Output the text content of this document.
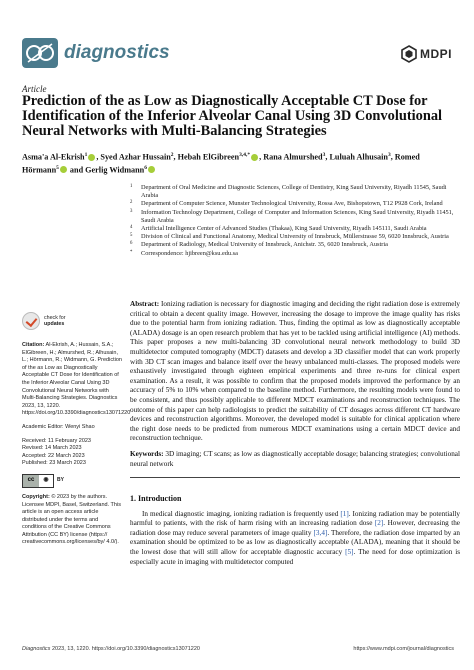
diagnostics	MDPI
Article
Prediction of the as Low as Diagnostically Acceptable CT Dose for Identification of the Inferior Alveolar Canal Using 3D Convolutional Neural Networks with Multi-Balancing Strategies
Asma'a Al-Ekrish$^1$ , Syed Azhar Hussain$^2$, Hebah ElGibreen$^{3,4,*}$ , Rana Almurshed$^3$, Luluah Alhusain$^3$, Romed Hörmann$^5$ and Gerlig Widmann$^6$
1 Department of Oral Medicine and Diagnostic Sciences, College of Dentistry, King Saud University, Riyadh 11545, Saudi Arabia
2 Department of Computer Science, Munster Technological University, Rossa Ave, Bishopstown, T12 P928 Cork, Ireland
3 Information Technology Department, College of Computer and Information Sciences, King Saud University, Riyadh 11451, Saudi Arabia
4 Artificial Intelligence Center of Advanced Studies (Thakaa), King Saud University, Riyadh 145111, Saudi Arabia
5 Division of Clinical and Functional Anatomy, Medical University of Innsbruck, Müllerstrasse 59, 6020 Innsbruck, Austria
6 Department of Radiology, Medical University of Innsbruck, Anichstr. 35, 6020 Innsbruck, Austria
* Correspondence: hjibreen@ksu.edu.sa
check for
updates
Citation: Al-Ekrish, A.; Hussain, S.A.; ElGibreen, H.; Almurshed, R.; Alhusain, L.; Hörmann, R.; Widmann, G. Prediction of the as Low as Diagnostically Acceptable CT Dose for Identification of the Inferior Alveolar Canal Using 3D Convolutional Neural Networks with Multi-Balancing Strategies. Diagnostics 2023, 13, 1220. https://doi.org/10.3390/diagnostics13071220
Academic Editor: Wenyi Shao
Received: 11 February 2023
Revised: 14 March 2023
Accepted: 22 March 2023
Published: 23 March 2023
cc	◉	BY
Copyright: © 2023 by the authors. Licensee MDPI, Basel, Switzerland. This article is an open access article distributed under the terms and conditions of the Creative Commons Attribution (CC BY) license (https:// creativecommons.org/licenses/by/ 4.0/).

Abstract: Ionizing radiation is necessary for diagnostic imaging and deciding the right radiation dose is extremely critical to obtain a decent quality image. However, increasing the dosage to improve the image quality has risks due to the potential harm from ionizing radiation. Thus, finding the optimal as low as diagnostically acceptable (ALADA) dosage is an open research problem that has yet to be tackled using artificial intelligence (AI) methods. This paper proposes a new multi-balancing 3D convolutional neural network methodology to build 3D multidetector computed tomography (MDCT) datasets and develop a 3D classifier model that can work properly with 3D CT scan images and balance itself over the heavy unbalanced multi-classes. The proposed models were exhaustively investigated through eighteen empirical experiments and three re-runs for clinical expert examination. As a result, it was possible to confirm that the proposed models improved the performance by an accuracy of 5% to 10% when compared to the baseline method. Furthermore, the resulting models were found to be consistent, and thus possibly applicable to different MDCT examinations and reconstruction techniques. The outcome of this paper can help radiologists to predict the suitability of CT dosages across different CT hardware devices and reconstruction algorithms. Moreover, the developed model is suitable for clinical application where the right dose needs to be predicted from numerous MDCT examinations using a certain MDCT device and reconstruction technique.

Keywords: 3D imaging; CT scans; as low as diagnostically acceptable dosage; balancing strategies; convolutional neural network

1. Introduction

In medical diagnostic imaging, ionizing radiation is frequently used [1]. Ionizing radiation may be potentially harmful to patients, with the risk of harm rising with an increasing radiation dose [2]. However, decreasing the radiation dose may reduce several parameters of image quality [3,4]. Therefore, the radiation dose imparted by an examination should be optimized to be as low as diagnostically acceptable (ALADA), meaning that it should be the lowest dose that will still allow for acceptable diagnostic accuracy [5]. The need for dose optimization is especially acute in imaging with multidetector computed

Diagnostics 2023, 13, 1220. https://doi.org/10.3390/diagnostics13071220	https://www.mdpi.com/journal/diagnostics
